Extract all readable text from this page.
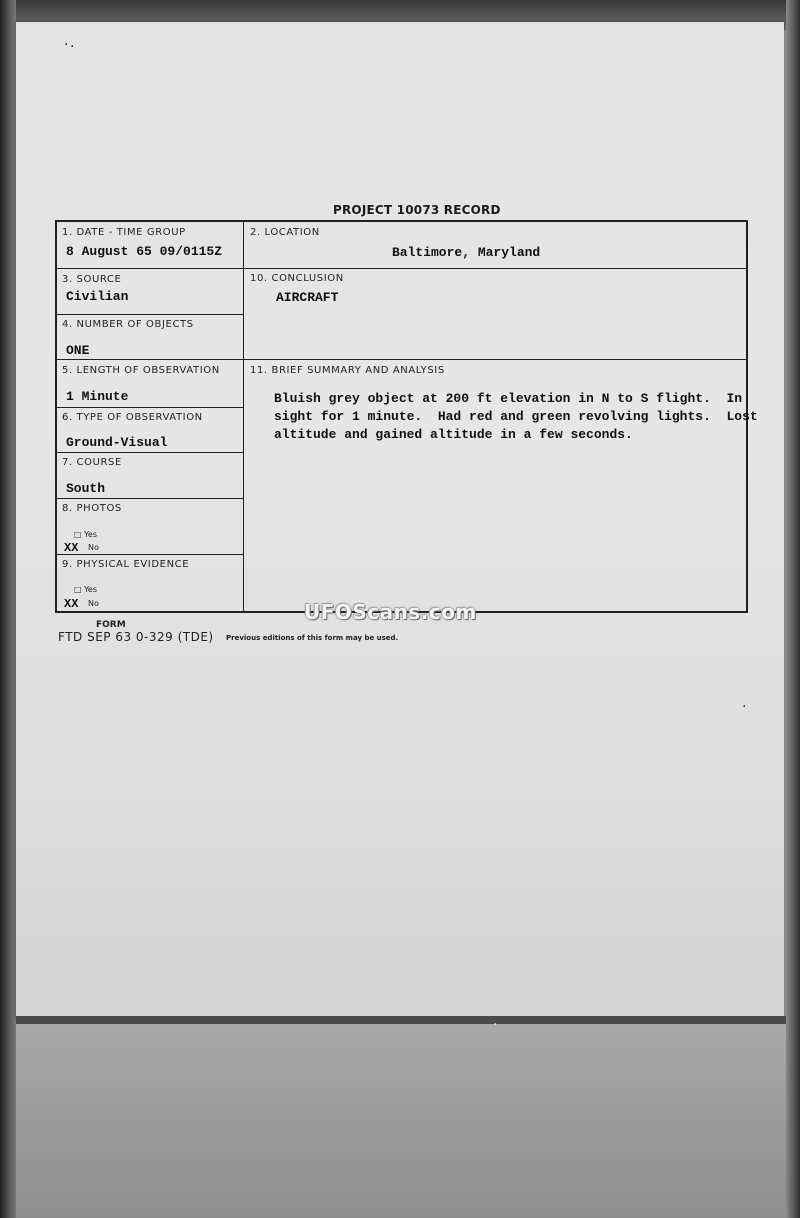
· ·
·
·
PROJECT 10073 RECORD
1. DATE - TIME GROUP
8 August 65 09/0115Z
2. LOCATION
Baltimore, Maryland
3. SOURCE
Civilian
10. CONCLUSION
AIRCRAFT
4. NUMBER OF OBJECTS
ONE
5. LENGTH OF OBSERVATION
1 Minute
11. BRIEF SUMMARY AND ANALYSIS
Bluish grey object at 200 ft elevation in N to S flight.  In
sight for 1 minute.  Had red and green revolving lights.  Lost
altitude and gained altitude in a few seconds.
6. TYPE OF OBSERVATION
Ground-Visual
7. COURSE
South
8. PHOTOS
□ Yes
XX No
9. PHYSICAL EVIDENCE
□ Yes
XX No
FORM
FTD SEP 63 0-329 (TDE) Previous editions of this form may be used.
UFOScans.com
